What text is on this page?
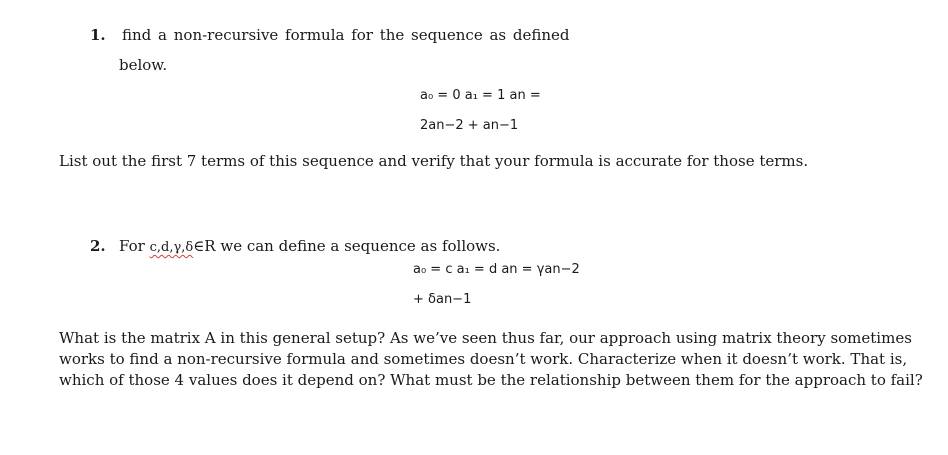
1. find a non-recursive formula for the sequence as defined
below.
a₀ = 0 a₁ = 1 an =
2an−2 + an−1
List out the first 7 terms of this sequence and verify that your formula is accurate for those terms.
2. For c,d,γ,δ∈R we can define a sequence as follows.
a₀ = c a₁ = d an = γan−2
+ δan−1
What is the matrix A in this general setup? As we’ve seen thus far, our approach using matrix theory sometimes works to find a non-recursive formula and sometimes doesn’t work. Characterize when it doesn’t work. That is, which of those 4 values does it depend on? What must be the relationship between them for the approach to fail?
